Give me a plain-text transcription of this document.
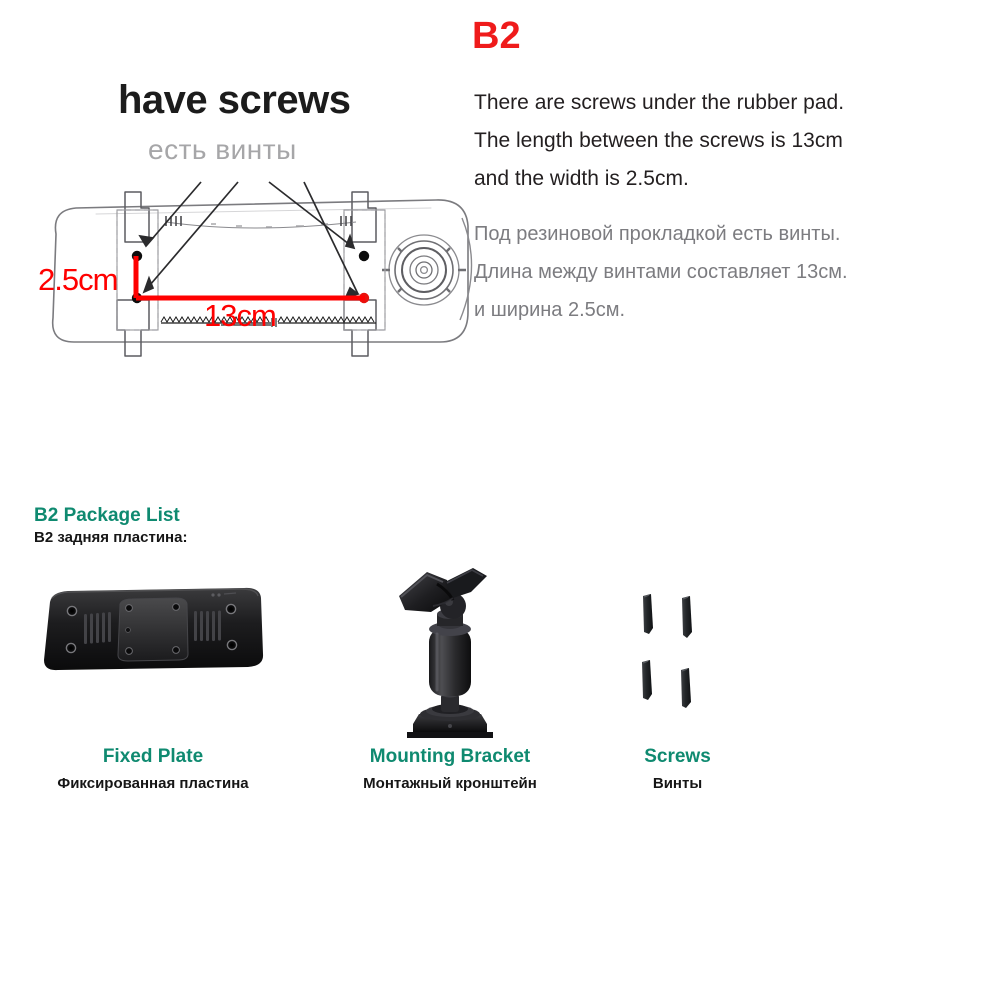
B2
There are screws under the rubber pad.
The length between the screws is 13cm
and the width is 2.5cm.
Под резиновой прокладкой есть винты.
Длина между винтами составляет 13см.
и ширина 2.5см.
have screws
есть винты
2.5cm
13cm
B2 Package List
B2 задняя пластина:
Fixed Plate
Фиксированная пластина
Mounting Bracket
Монтажный кронштейн
Screws
Винты
